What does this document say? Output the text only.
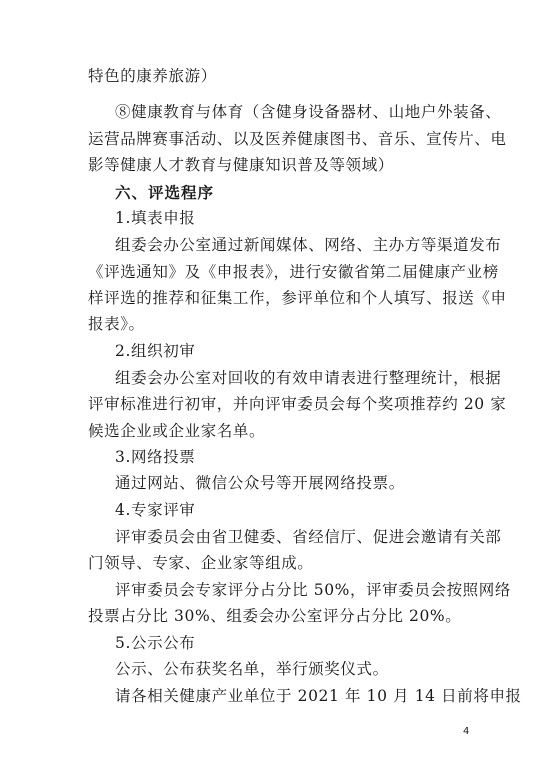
特色的康养旅游）
⑧健康教育与体育（含健身设备器材、山地户外装备、
运营品牌赛事活动、以及医养健康图书、音乐、宣传片、电
影等健康人才教育与健康知识普及等领域）
六、评选程序
1.填表申报
组委会办公室通过新闻媒体、网络、主办方等渠道发布
《评选通知》及《申报表》，进行安徽省第二届健康产业榜
样评选的推荐和征集工作，参评单位和个人填写、报送《申
报表》。
2.组织初审
组委会办公室对回收的有效申请表进行整理统计，根据
评审标准进行初审，并向评审委员会每个奖项推荐约 20 家
候选企业或企业家名单。
3.网络投票
通过网站、微信公众号等开展网络投票。
4.专家评审
评审委员会由省卫健委、省经信厅、促进会邀请有关部
门领导、专家、企业家等组成。
评审委员会专家评分占分比 50%，评审委员会按照网络
投票占分比 30%、组委会办公室评分占分比 20%。
5.公示公布
公示、公布获奖名单，举行颁奖仪式。
请各相关健康产业单位于 2021 年 10 月 14 日前将申报
4
